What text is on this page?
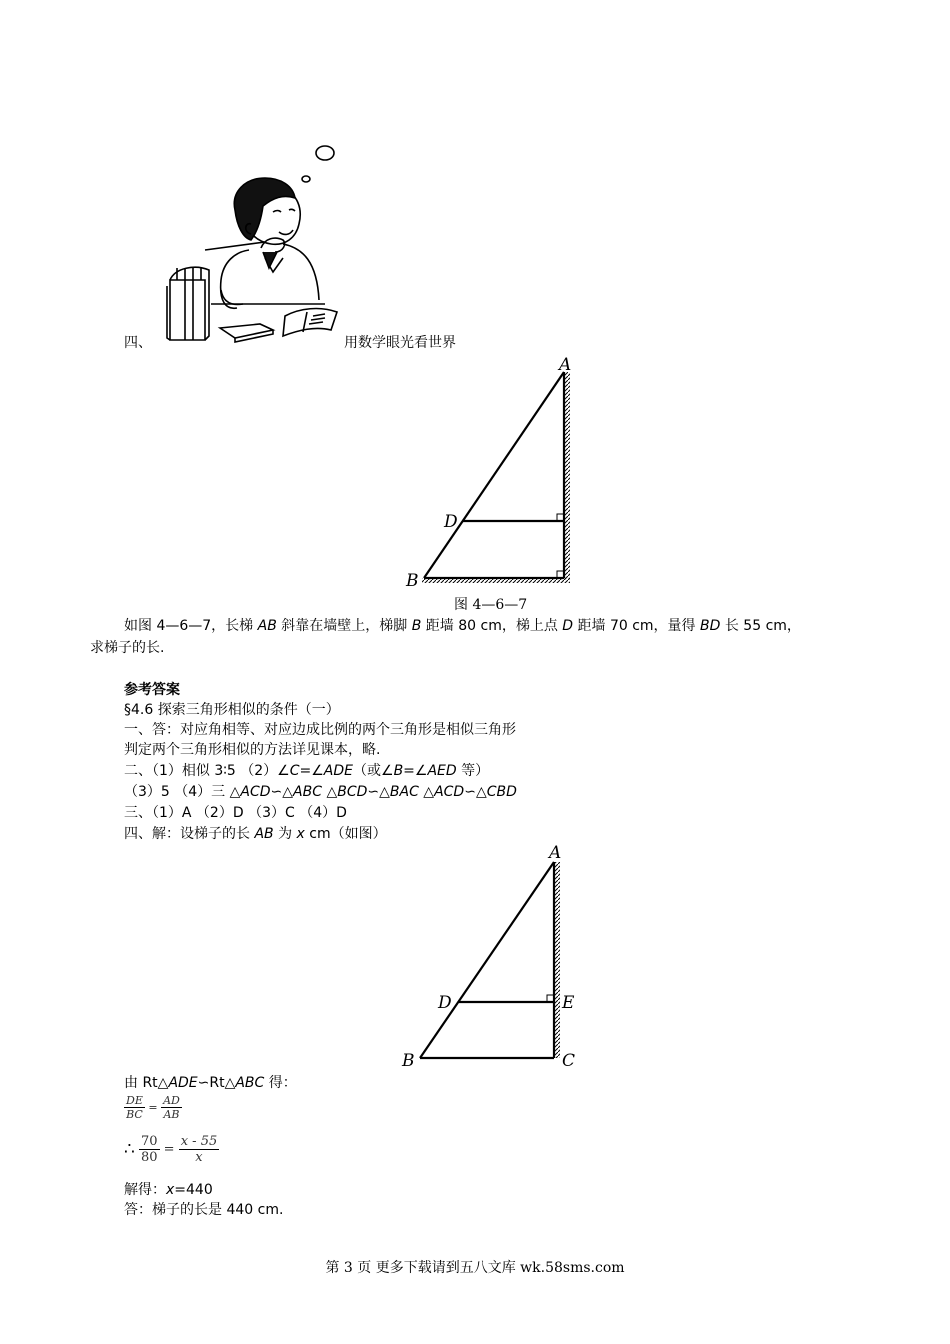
四、	用数学眼光看世界
A
D
B
图 4—6—7
如图 4—6—7，长梯 AB 斜靠在墙壁上，梯脚 B 距墙 80 cm，梯上点 D 距墙 70 cm，量得 BD 长 55 cm，
求梯子的长.
参考答案
§4.6 探索三角形相似的条件（一）
一、答：对应角相等、对应边成比例的两个三角形是相似三角形
判定两个三角形相似的方法详见课本，略.
二、（1）相似 3∶5 （2）∠C=∠ADE（或∠B=∠AED 等）
（3）5 （4）三 △ACD∽△ABC △BCD∽△BAC △ACD∽△CBD
三、（1）A （2）D （3）C （4）D
四、解：设梯子的长 AB 为 x cm（如图）
A
D	E
B	C
由 Rt△ADE∽Rt△ABC 得：
$\frac{DE}{BC} = \frac{AD}{AB}$
∴ $\frac{70}{80} = \frac{x - 55}{x}$
解得：x=440
答：梯子的长是 440 cm.
第 3 页 更多下载请到五八文库 wk.58sms.com
